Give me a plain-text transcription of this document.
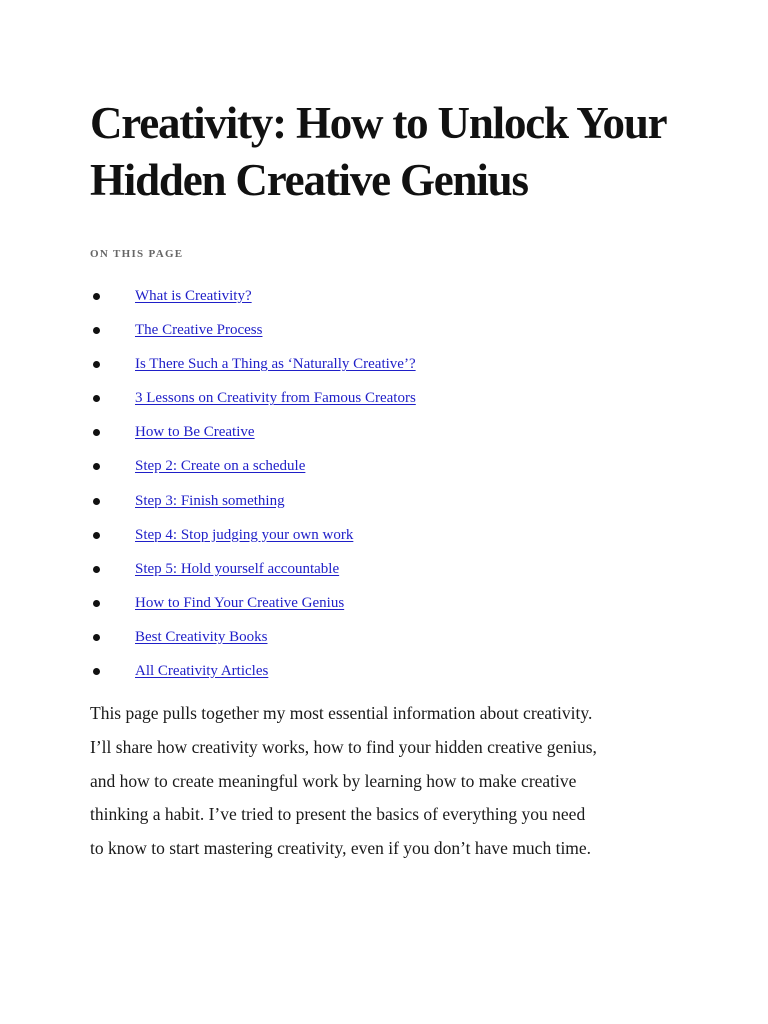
Creativity: How to Unlock Your Hidden Creative Genius
ON THIS PAGE
What is Creativity?
The Creative Process
Is There Such a Thing as ‘Naturally Creative’?
3 Lessons on Creativity from Famous Creators
How to Be Creative
Step 2: Create on a schedule
Step 3: Finish something
Step 4: Stop judging your own work
Step 5: Hold yourself accountable
How to Find Your Creative Genius
Best Creativity Books
All Creativity Articles

This page pulls together my most essential information about creativity.
I’ll share how creativity works, how to find your hidden creative genius,
and how to create meaningful work by learning how to make creative
thinking a habit. I’ve tried to present the basics of everything you need
to know to start mastering creativity, even if you don’t have much time.
